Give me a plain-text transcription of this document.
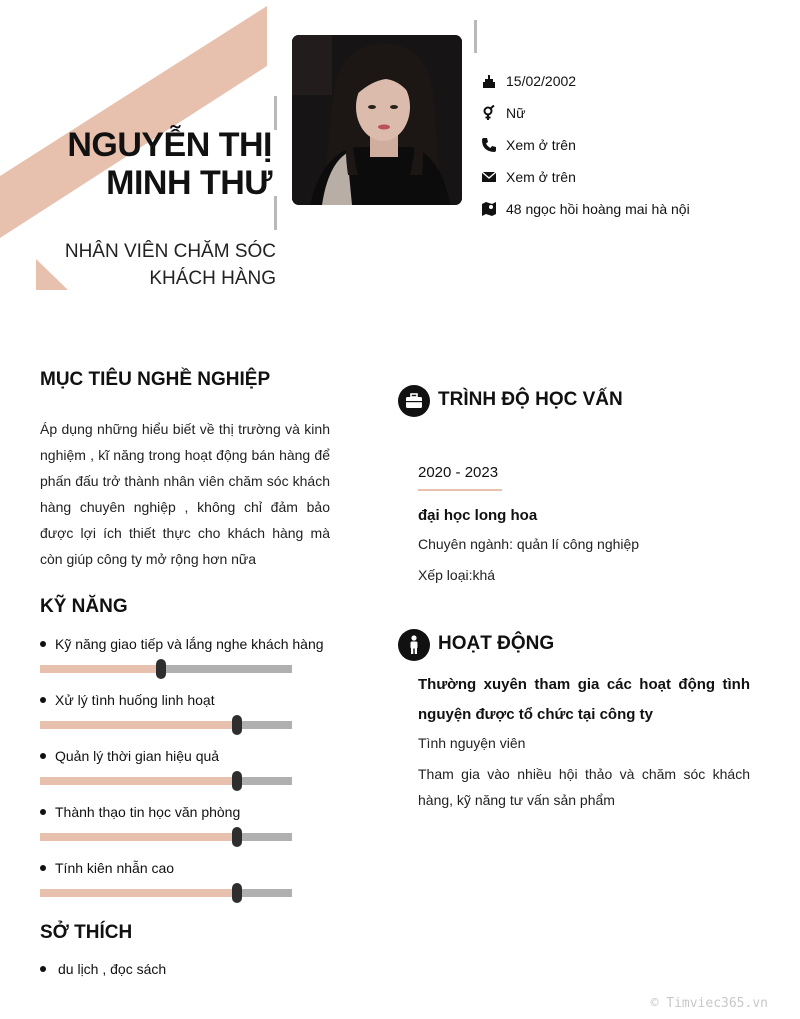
NGUYỄN THỊ
MINH THƯ
NHÂN VIÊN CHĂM SÓC
KHÁCH HÀNG
15/02/2002
Nữ
Xem ở trên
Xem ở trên
48 ngọc hồi hoàng mai hà nội
MỤC TIÊU NGHỀ NGHIỆP
Áp dụng những hiểu biết về thị trường và kinh nghiệm , kĩ năng trong hoạt động bán hàng để phấn đấu trở thành nhân viên chăm sóc khách hàng chuyên nghiệp , không chỉ đảm bảo được lợi ích thiết thực cho khách hàng mà còn giúp công ty mở rộng hơn nữa
KỸ NĂNG
Kỹ năng giao tiếp và lắng nghe khách hàng
Xử lý tình huống linh hoạt
Quản lý thời gian hiệu quả
Thành thạo tin học văn phòng
Tính kiên nhẫn cao
SỞ THÍCH
du lịch , đọc sách
TRÌNH ĐỘ HỌC VẤN
2020 - 2023
đại học long hoa
Chuyên ngành: quản lí công nghiệp
Xếp loại:khá
HOẠT ĐỘNG
Thường xuyên tham gia các hoạt động tình nguyện được tổ chức tại công ty
Tình nguyện viên
Tham gia vào nhiều hội thảo và chăm sóc khách hàng, kỹ năng tư vấn sản phẩm
© Timviec365.vn
